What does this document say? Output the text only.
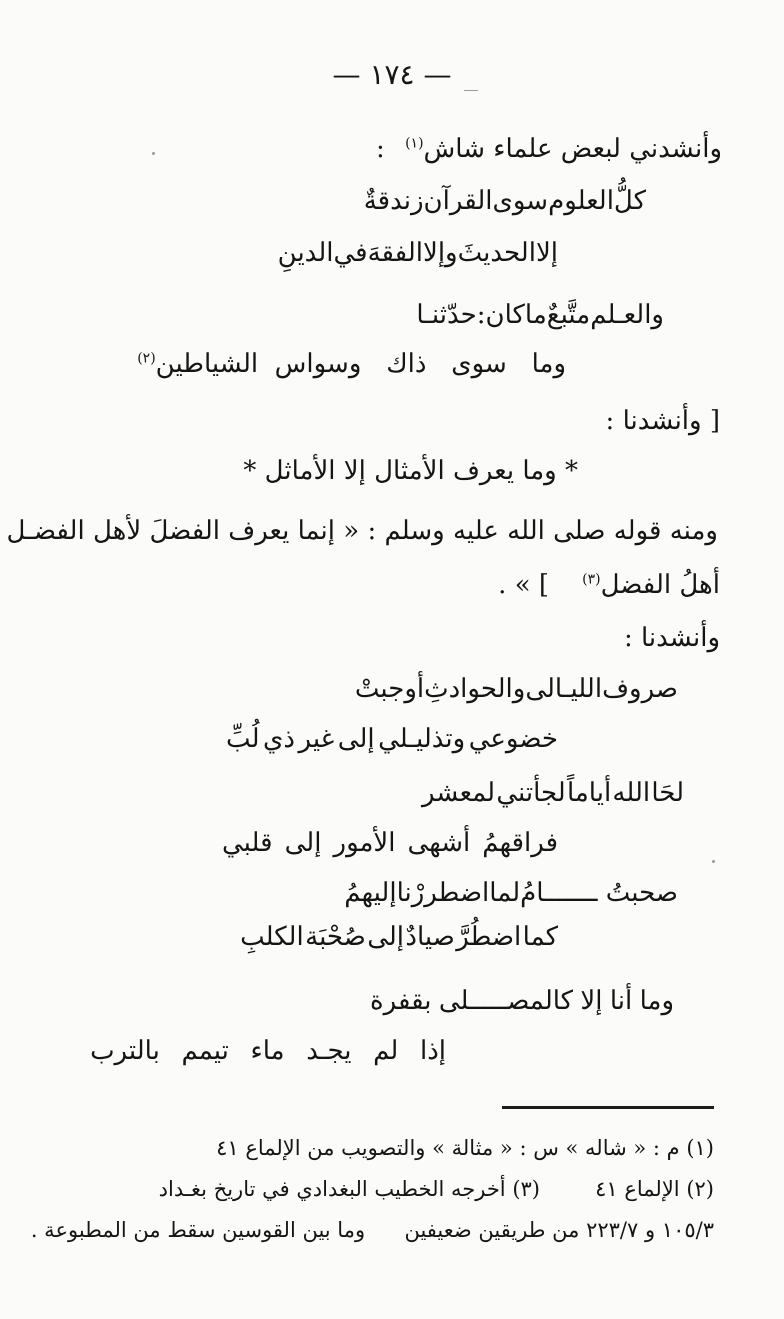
— ١٧٤ —
وأنشدني لبعض علماء شاش$^{(١)}$ :
كلُّ
العلوم
سوى
القرآن
زندقةٌ
إلا
الحديثَ
وإلا
الفقهَ
في
الدينِ
والعـلم
متَّبعٌ
ما
كان
:
حدّثنـا
وما   سوى   ذاك   وسواس  الشياطين$^{(٢)}$
[ وأنشدنا :
* وما يعرف الأمثال إلا الأماثل *
ومنه قوله صلى الله عليه وسلم : « إنما يعرف الفضلَ لأهل الفضـل
أهلُ الفضل$^{(٣)}$    ] » .
وأنشدنا :
صروف
الليـالى
والحوادثِ
أوجبتْ
خضوعي
وتذليـلي
إلى
غير
ذي
لُبِّ
لحَا
الله
أياماً
لجأتني
لمعشر
فراقهمُ
أشهى
الأمور
إلى
قلبي
صحبتُ ـــــــامُ
لما
اضطررْنا
إليهمُ
كما
اضطُرَّ
صيادٌ
إلى
صُحْبَة
الكلبِ
وما
أنا
إلا
كالمصـــــلى
بقفرة
إذا
لم
يجـد
ماء
تيمم
بالترب
(١) م : « شاله » س : « مثالة » والتصويب من الإلماع ٤١
(٢) الإلماع ٤١
(٣) أخرجه الخطيب البغدادي في تاريخ بغـداد
١٠٥/٣ و ٢٢٣/٧ من طريقين ضعيفين  وما بين القوسين سقط من المطبوعة .
